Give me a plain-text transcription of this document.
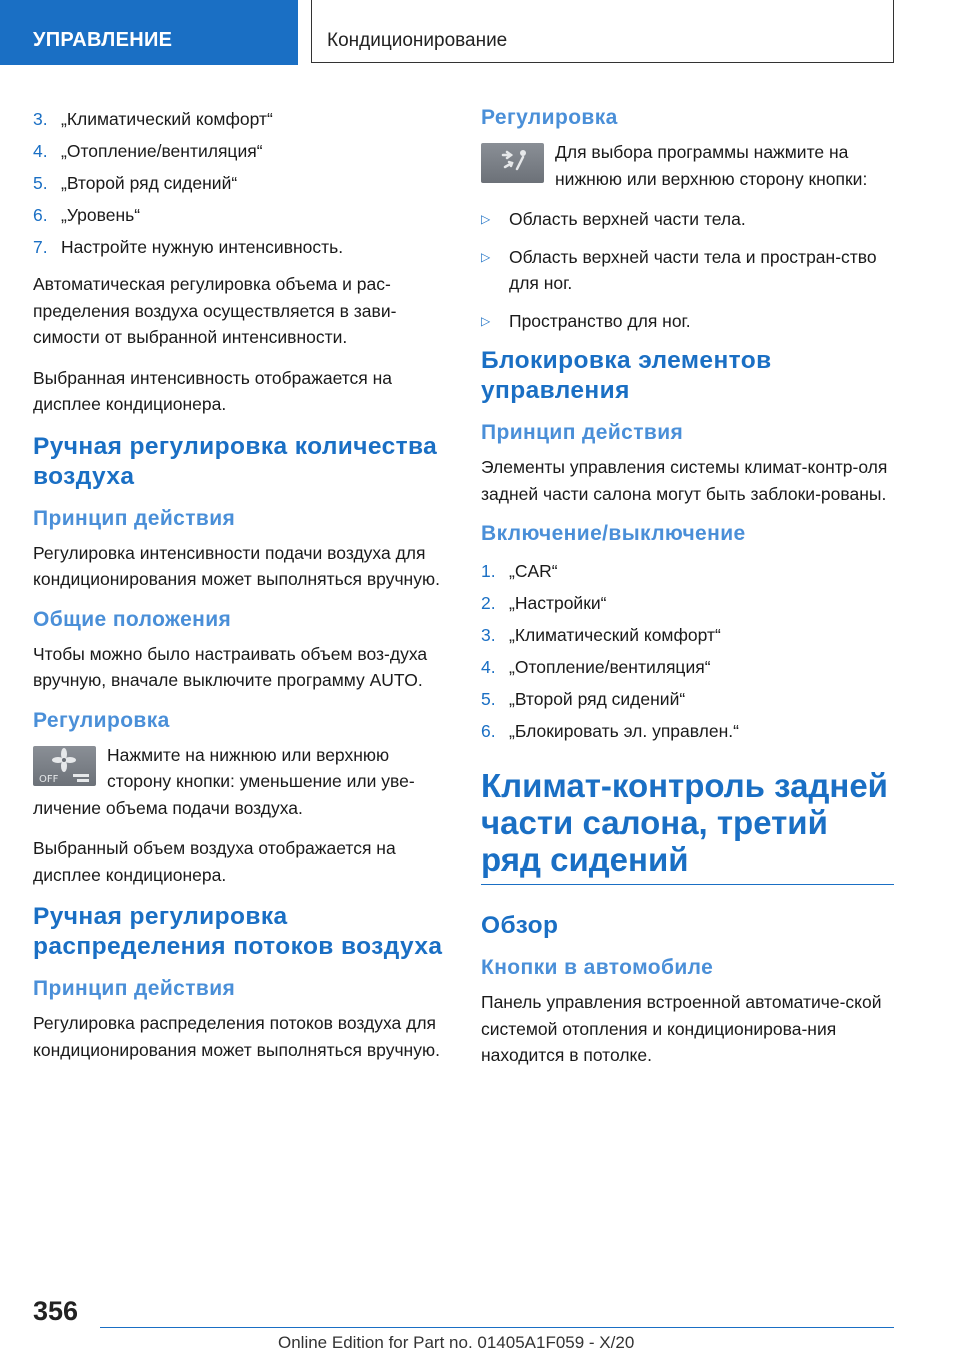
УПРАВЛЕНИЕ	Кондиционирование
3. „Климатический комфорт“
4. „Отопление/вентиляция“
5. „Второй ряд сидений“
6. „Уровень“
7. Настройте нужную интенсивность.

Автоматическая регулировка объема и рас-пределения воздуха осуществляется в зави-симости от выбранной интенсивности.

Выбранная интенсивность отображается на дисплее кондиционера.

Ручная регулировка количества воздуха
Принцип действия

Регулировка интенсивности подачи воздуха для кондиционирования может выполняться вручную.

Общие положения

Чтобы можно было настраивать объем воз-духа вручную, вначале выключите программу AUTO.

Регулировка
OFF
Нажмите на нижнюю или верхнюю сторону кнопки: уменьшение или уве-личение объема подачи воздуха.

Выбранный объем воздуха отображается на дисплее кондиционера.

Ручная регулировка распределения потоков воздуха
Принцип действия

Регулировка распределения потоков воздуха для кондиционирования может выполняться вручную.

Регулировка
Для выбора программы нажмите на нижнюю или верхнюю сторону кнопки:
▷	Область верхней части тела.
▷	Область верхней части тела и простран-ство для ног.
▷	Пространство для ног.
Блокировка элементов управления
Принцип действия

Элементы управления системы климат-контр-оля задней части салона могут быть заблоки-рованы.

Включение/выключение
1. „CAR“
2. „Настройки“
3. „Климатический комфорт“
4. „Отопление/вентиляция“
5. „Второй ряд сидений“
6. „Блокировать эл. управлен.“
Климат-контроль задней части салона, третий ряд сидений
Обзор
Кнопки в автомобиле

Панель управления встроенной автоматиче-ской системой отопления и кондиционирова-ния находится в потолке.

356
Online Edition for Part no. 01405A1F059 - X/20
